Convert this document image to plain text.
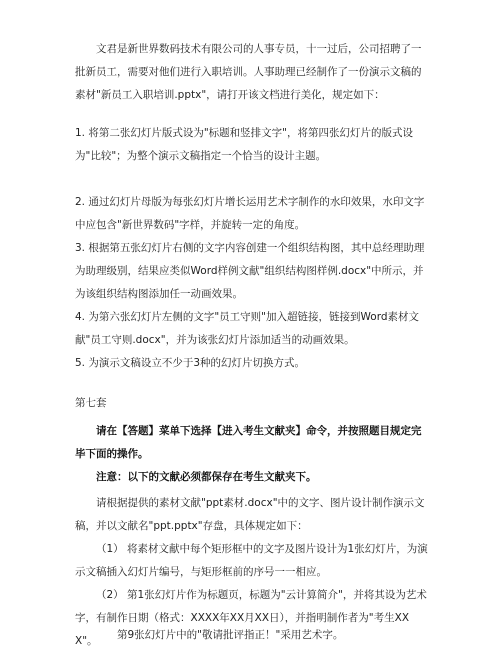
文君是新世界数码技术有限公司的人事专员，十一过后，公司招聘了一批新员工，需要对他们进行入职培训。人事助理已经制作了一份演示文稿的素材"新员工入职培训.pptx"，请打开该文档进行美化，规定如下：

1. 将第二张幻灯片版式设为"标题和竖排文字"，将第四张幻灯片的版式设为"比较"；为整个演示文稿指定一个恰当的设计主题。

2. 通过幻灯片母版为每张幻灯片增长运用艺术字制作的水印效果，水印文字中应包含"新世界数码"字样，并旋转一定的角度。

3. 根据第五张幻灯片右侧的文字内容创建一个组织结构图，其中总经理助理为助理级别，结果应类似Word样例文献"组织结构图样例.docx"中所示，并为该组织结构图添加任一动画效果。

4. 为第六张幻灯片左侧的文字"员工守则"加入超链接，链接到Word素材文献"员工守则.docx"，并为该张幻灯片添加适当的动画效果。

5. 为演示文稿设立不少于3种的幻灯片切换方式。

第七套

请在【答题】菜单下选择【进入考生文献夹】命令，并按照题目规定完毕下面的操作。

注意：以下的文献必须都保存在考生文献夹下。

请根据提供的素材文献"ppt素材.docx"中的文字、图片设计制作演示文稿，并以文献名"ppt.pptx"存盘，具体规定如下：

（1） 将素材文献中每个矩形框中的文字及图片设计为1张幻灯片，为演示文稿插入幻灯片编号，与矩形框前的序号一一相应。

（2） 第1张幻灯片作为标题页，标题为"云计算简介"，并将其设为艺术字，有制作日期（格式：XXXX年XX月XX日），并指明制作者为"考生XXX"。	第9张幻灯片中的"敬请批评指正！"采用艺术字。
